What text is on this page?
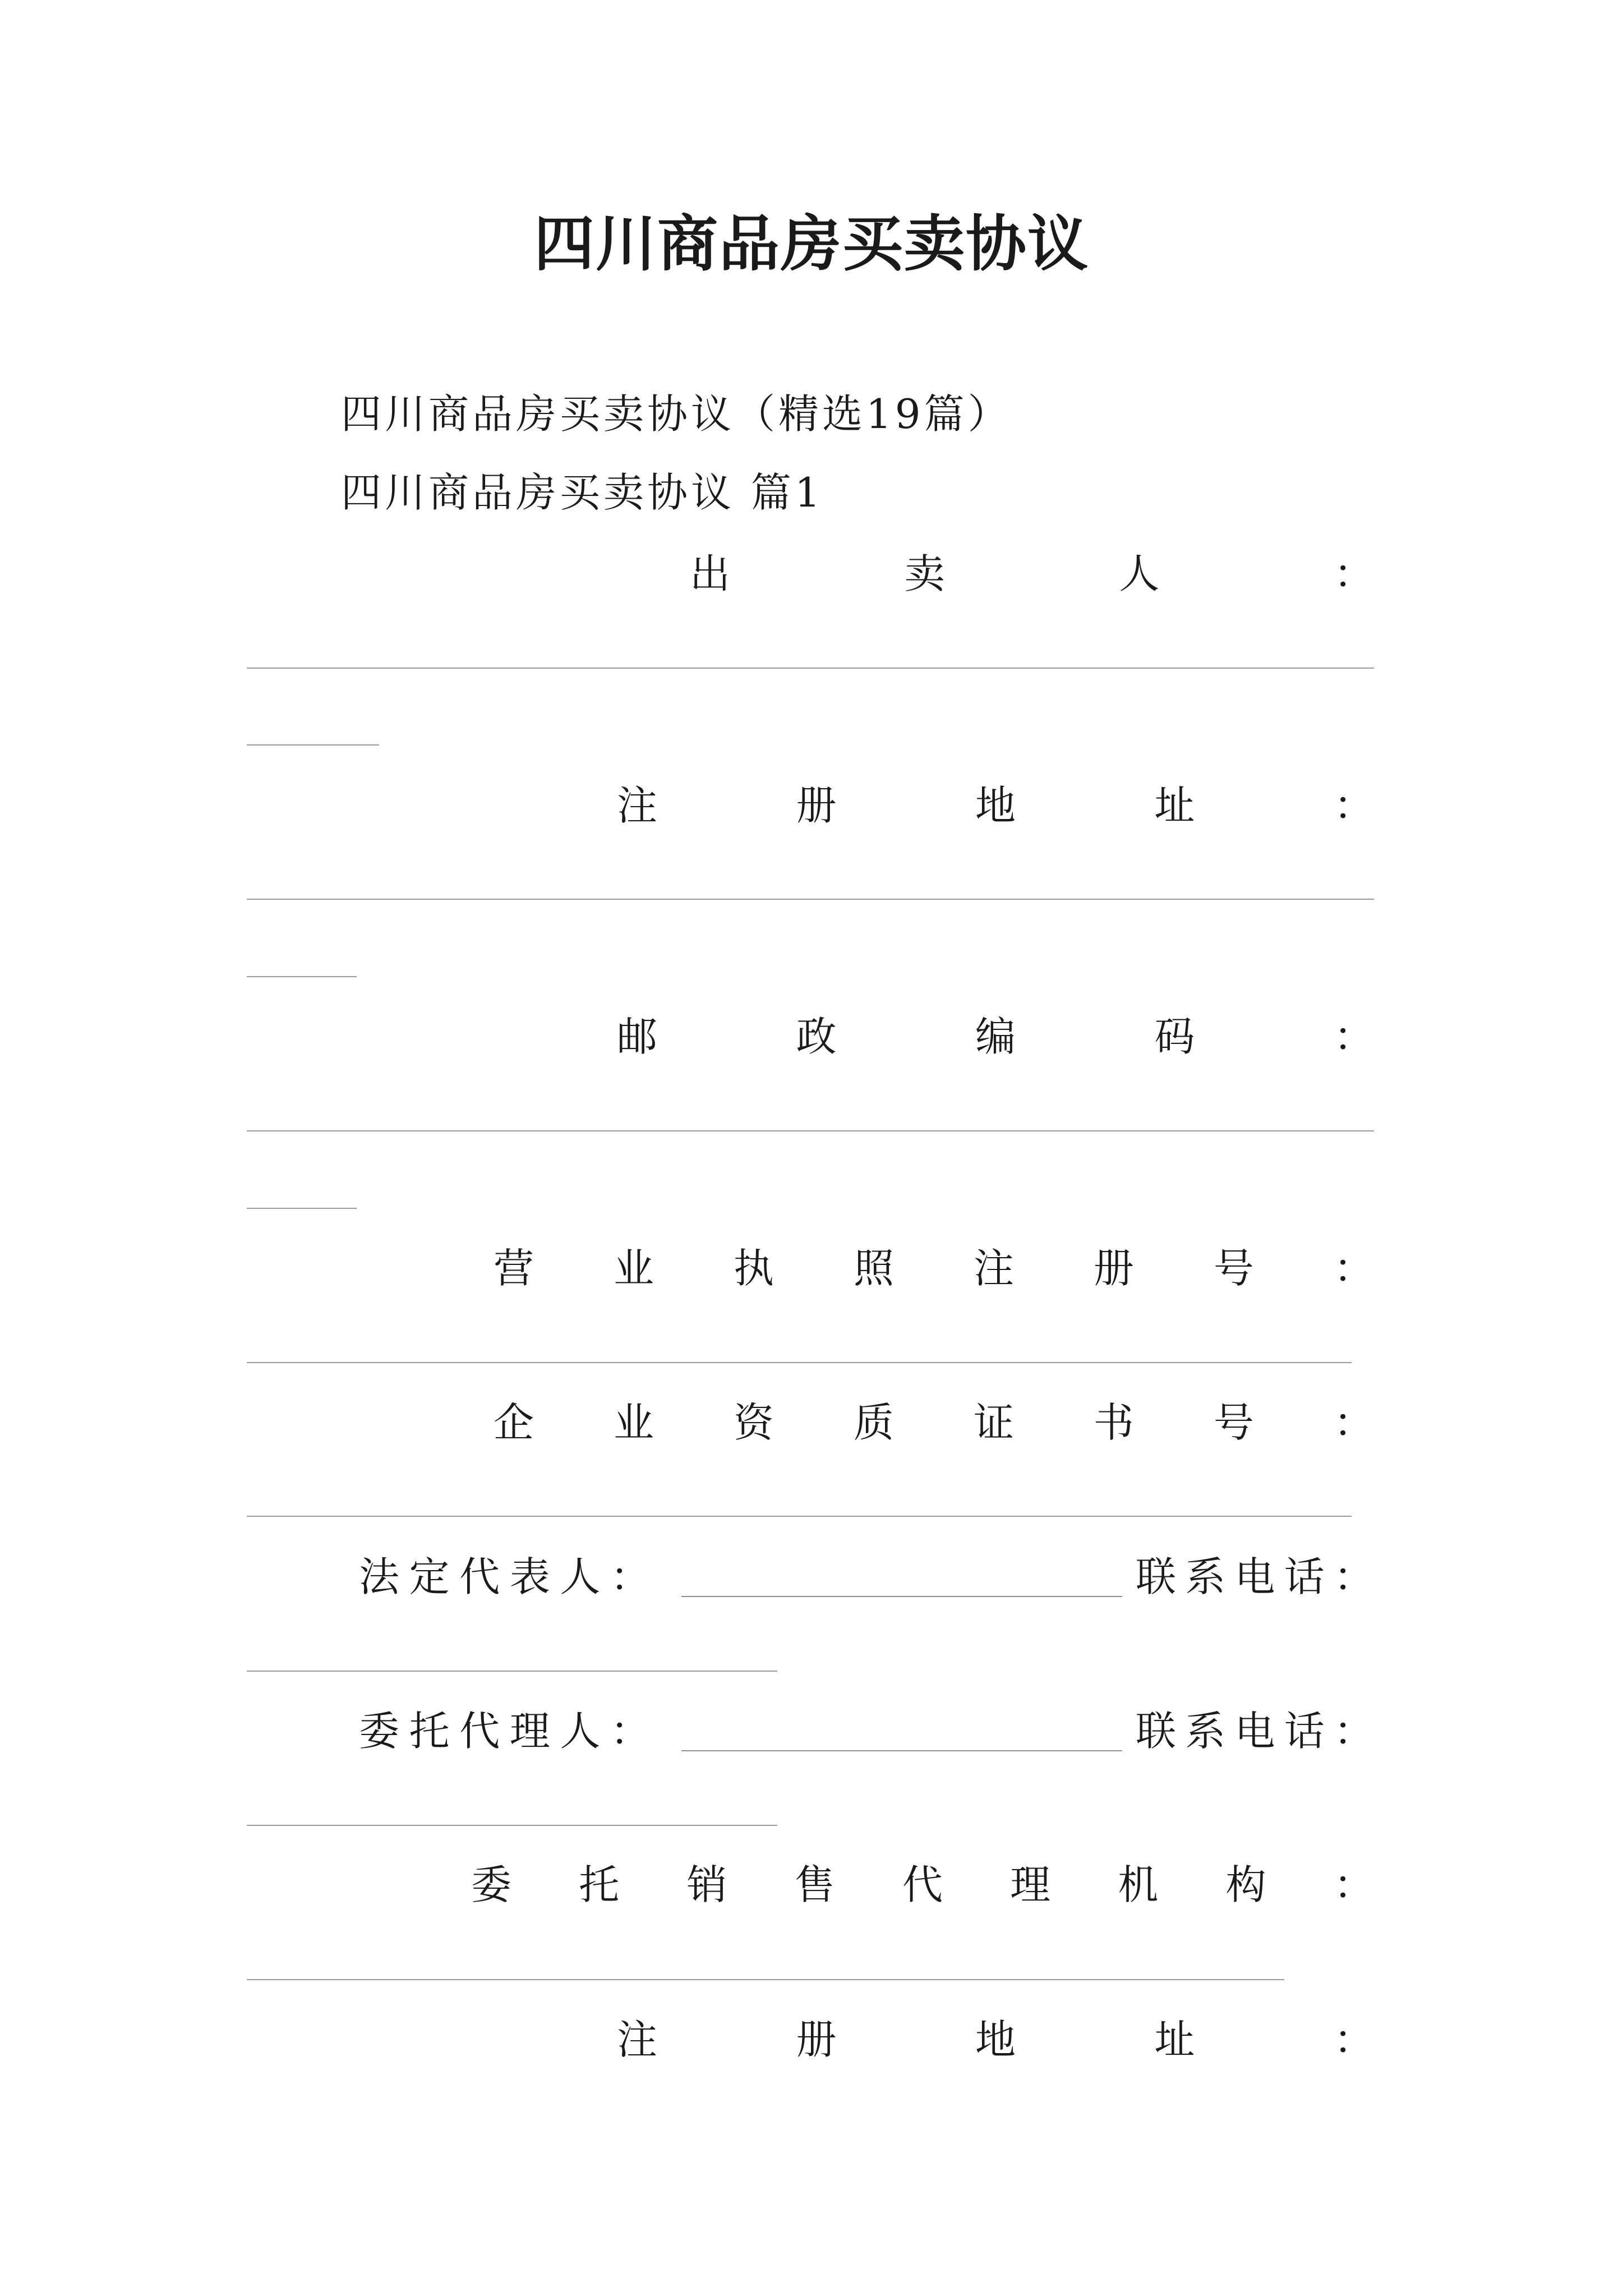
四川商品房买卖协议
四川商品房买卖协议（精选19篇）
四川商品房买卖协议 篇1
出	卖	人	：
注	册	地	址	：
邮	政	编	码	：
营 业 执 照 注 册 号 ：
企 业 资 质 证 书 号 ：
法 定 代 表 人 ：	联 系 电 话 ：
委 托 代 理 人 ：	联 系 电 话 ：
委 托 销 售 代 理 机 构 ：
注	册	地	址	：
